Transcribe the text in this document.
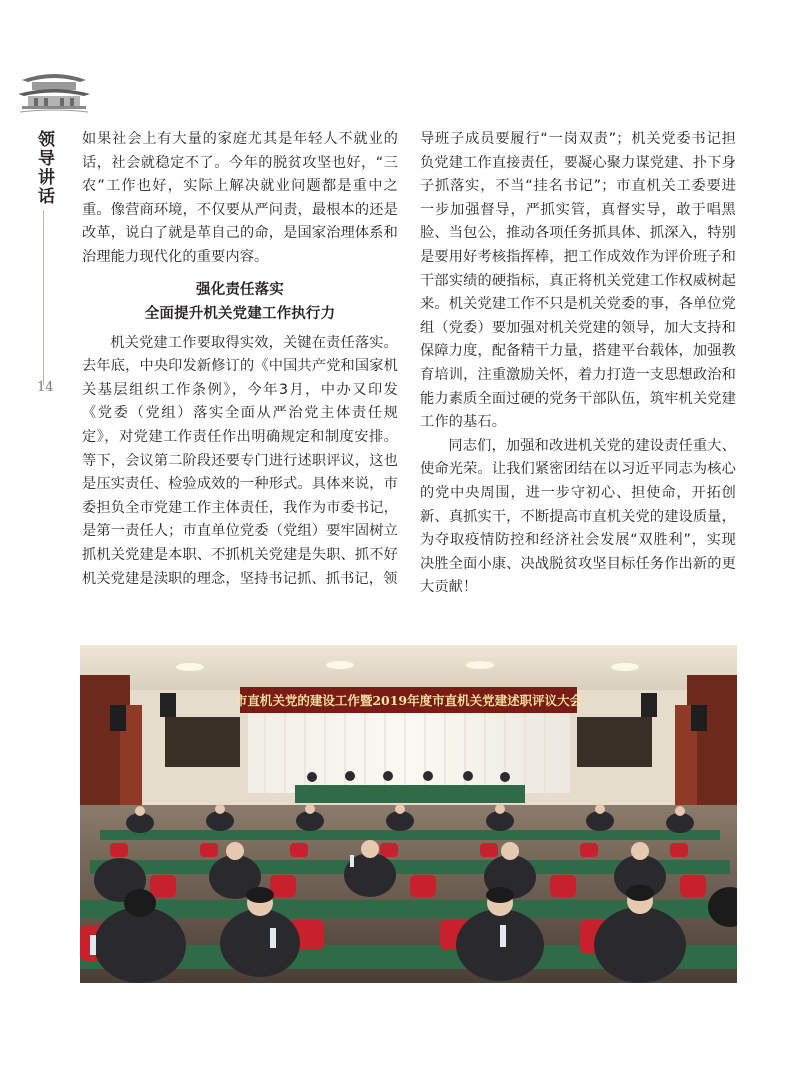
领导讲话
14

如果社会上有大量的家庭尤其是年轻人不就业的话，社会就稳定不了。今年的脱贫攻坚也好，“三农”工作也好，实际上解决就业问题都是重中之重。像营商环境，不仅要从严问责，最根本的还是改革，说白了就是革自己的命，是国家治理体系和治理能力现代化的重要内容。

强化责任落实
全面提升机关党建工作执行力

机关党建工作要取得实效，关键在责任落实。去年底，中央印发新修订的《中国共产党和国家机关基层组织工作条例》，今年3月，中办又印发《党委（党组）落实全面从严治党主体责任规定》，对党建工作责任作出明确规定和制度安排。等下，会议第二阶段还要专门进行述职评议，这也是压实责任、检验成效的一种形式。具体来说，市委担负全市党建工作主体责任，我作为市委书记，是第一责任人；市直单位党委（党组）要牢固树立抓机关党建是本职、不抓机关党建是失职、抓不好机关党建是渎职的理念，坚持书记抓、抓书记，领

导班子成员要履行“一岗双责”；机关党委书记担负党建工作直接责任，要凝心聚力谋党建、扑下身子抓落实，不当“挂名书记”；市直机关工委要进一步加强督导，严抓实管，真督实导，敢于唱黑脸、当包公，推动各项任务抓具体、抓深入，特别是要用好考核指挥棒，把工作成效作为评价班子和干部实绩的硬指标，真正将机关党建工作权威树起来。机关党建工作不只是机关党委的事，各单位党组（党委）要加强对机关党建的领导，加大支持和保障力度，配备精干力量，搭建平台载体，加强教育培训，注重激励关怀，着力打造一支思想政治和能力素质全面过硬的党务干部队伍，筑牢机关党建工作的基石。

同志们，加强和改进机关党的建设责任重大、使命光荣。让我们紧密团结在以习近平同志为核心的党中央周围，进一步守初心、担使命，开拓创新、真抓实干，不断提高市直机关党的建设质量，为夺取疫情防控和经济社会发展“双胜利”，实现决胜全面小康、决战脱贫攻坚目标任务作出新的更大贡献！

市直机关党的建设工作暨2019年度市直机关党建述职评议大会
